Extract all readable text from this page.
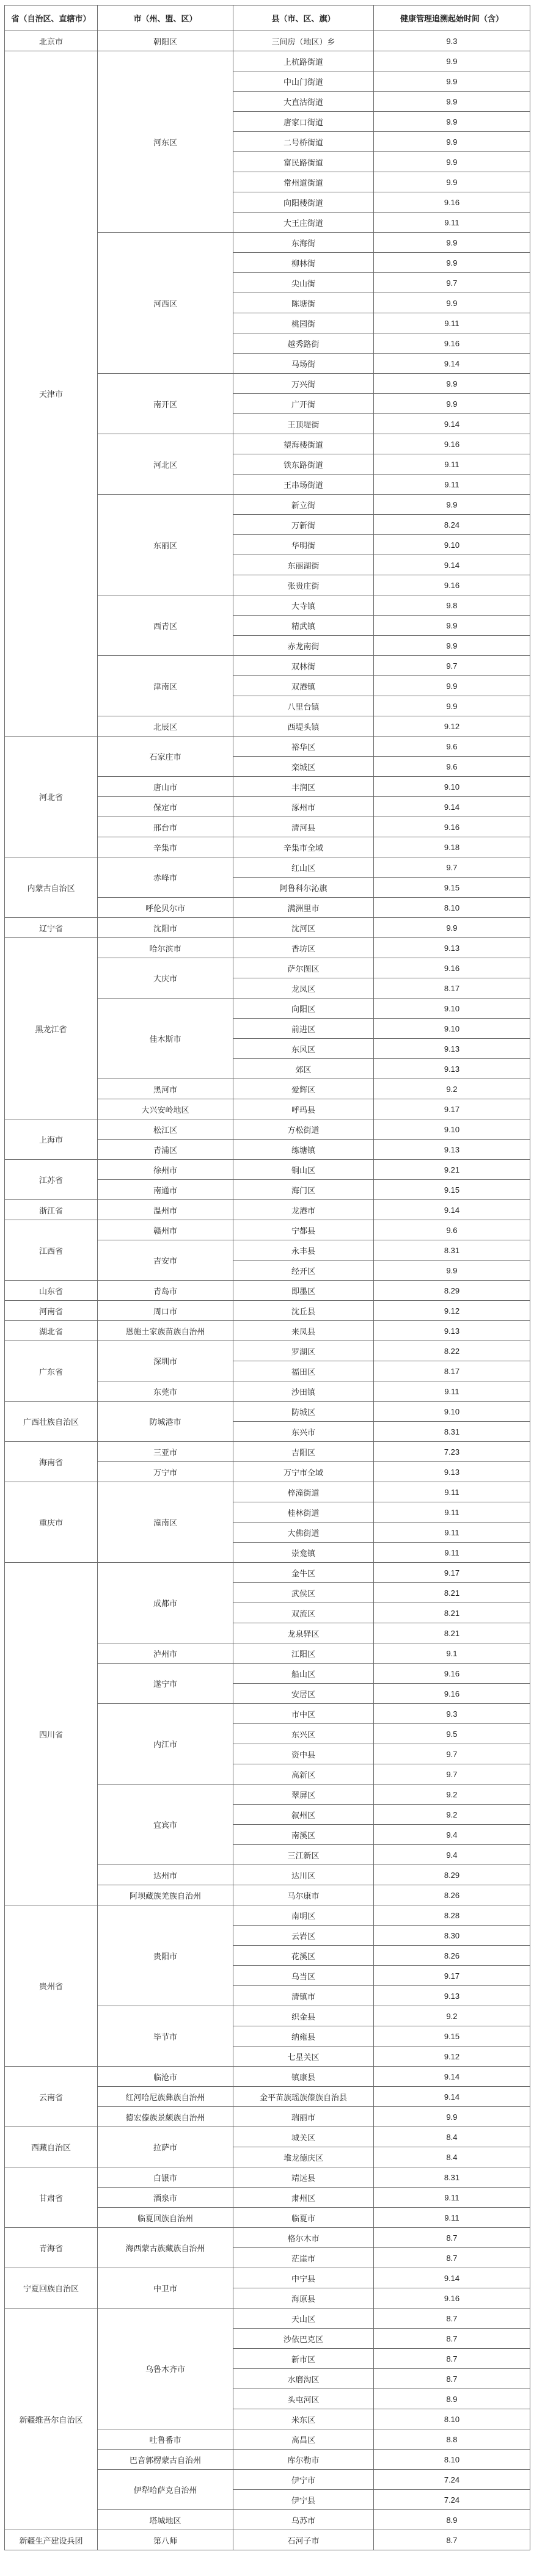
省（自治区、直辖市）	市（州、盟、区）	县（市、区、旗）	健康管理追溯起始时间（含）
北京市	朝阳区	三间房（地区）乡	9.3
天津市	河东区	上杭路街道	9.9
		中山门街道	9.9
		大直沽街道	9.9
		唐家口街道	9.9
		二号桥街道	9.9
		富民路街道	9.9
		常州道街道	9.9
		向阳楼街道	9.16
		大王庄街道	9.11
	河西区	东海街	9.9
		柳林街	9.9
		尖山街	9.7
		陈塘街	9.9
		桃园街	9.11
		越秀路街	9.16
		马场街	9.14
	南开区	万兴街	9.9
		广开街	9.9
		王顶堤街	9.14
	河北区	望海楼街道	9.16
		铁东路街道	9.11
		王串场街道	9.11
	东丽区	新立街	9.9
		万新街	8.24
		华明街	9.10
		东丽湖街	9.14
		张贵庄街	9.16
	西青区	大寺镇	9.8
		精武镇	9.9
		赤龙南街	9.9
	津南区	双林街	9.7
		双港镇	9.9
		八里台镇	9.9
	北辰区	西堤头镇	9.12
河北省	石家庄市	裕华区	9.6
		栾城区	9.6
	唐山市	丰润区	9.10
	保定市	涿州市	9.14
	邢台市	清河县	9.16
	辛集市	辛集市全域	9.18
内蒙古自治区	赤峰市	红山区	9.7
		阿鲁科尔沁旗	9.15
	呼伦贝尔市	满洲里市	8.10
辽宁省	沈阳市	沈河区	9.9
黑龙江省	哈尔滨市	香坊区	9.13
	大庆市	萨尔图区	9.16
		龙凤区	8.17
	佳木斯市	向阳区	9.10
		前进区	9.10
		东风区	9.13
		郊区	9.13
	黑河市	爱辉区	9.2
	大兴安岭地区	呼玛县	9.17
上海市	松江区	方松街道	9.10
	青浦区	练塘镇	9.13
江苏省	徐州市	铜山区	9.21
	南通市	海门区	9.15
浙江省	温州市	龙港市	9.14
江西省	赣州市	宁都县	9.6
	吉安市	永丰县	8.31
		经开区	9.9
山东省	青岛市	即墨区	8.29
河南省	周口市	沈丘县	9.12
湖北省	恩施土家族苗族自治州	来凤县	9.13
广东省	深圳市	罗湖区	8.22
		福田区	8.17
	东莞市	沙田镇	9.11
广西壮族自治区	防城港市	防城区	9.10
		东兴市	8.31
海南省	三亚市	吉阳区	7.23
	万宁市	万宁市全域	9.13
重庆市	潼南区	梓潼街道	9.11
		桂林街道	9.11
		大佛街道	9.11
		崇龛镇	9.11
四川省	成都市	金牛区	9.17
		武侯区	8.21
		双流区	8.21
		龙泉驿区	8.21
	泸州市	江阳区	9.1
	遂宁市	船山区	9.16
		安居区	9.16
	内江市	市中区	9.3
		东兴区	9.5
		资中县	9.7
		高新区	9.7
	宜宾市	翠屏区	9.2
		叙州区	9.2
		南溪区	9.4
		三江新区	9.4
	达州市	达川区	8.29
	阿坝藏族羌族自治州	马尔康市	8.26
贵州省	贵阳市	南明区	8.28
		云岩区	8.30
		花溪区	8.26
		乌当区	9.17
		清镇市	9.13
	毕节市	织金县	9.2
		纳雍县	9.15
		七星关区	9.12
云南省	临沧市	镇康县	9.14
	红河哈尼族彝族自治州	金平苗族瑶族傣族自治县	9.14
	德宏傣族景颇族自治州	瑞丽市	9.9
西藏自治区	拉萨市	城关区	8.4
		堆龙德庆区	8.4
甘肃省	白银市	靖远县	8.31
	酒泉市	肃州区	9.11
	临夏回族自治州	临夏市	9.11
青海省	海西蒙古族藏族自治州	格尔木市	8.7
		茫崖市	8.7
宁夏回族自治区	中卫市	中宁县	9.14
		海原县	9.16
新疆维吾尔自治区	乌鲁木齐市	天山区	8.7
		沙依巴克区	8.7
		新市区	8.7
		水磨沟区	8.7
		头屯河区	8.9
		米东区	8.10
	吐鲁番市	高昌区	8.8
	巴音郭楞蒙古自治州	库尔勒市	8.10
	伊犁哈萨克自治州	伊宁市	7.24
		伊宁县	7.24
	塔城地区	乌苏市	8.9
新疆生产建设兵团	第八师	石河子市	8.7
